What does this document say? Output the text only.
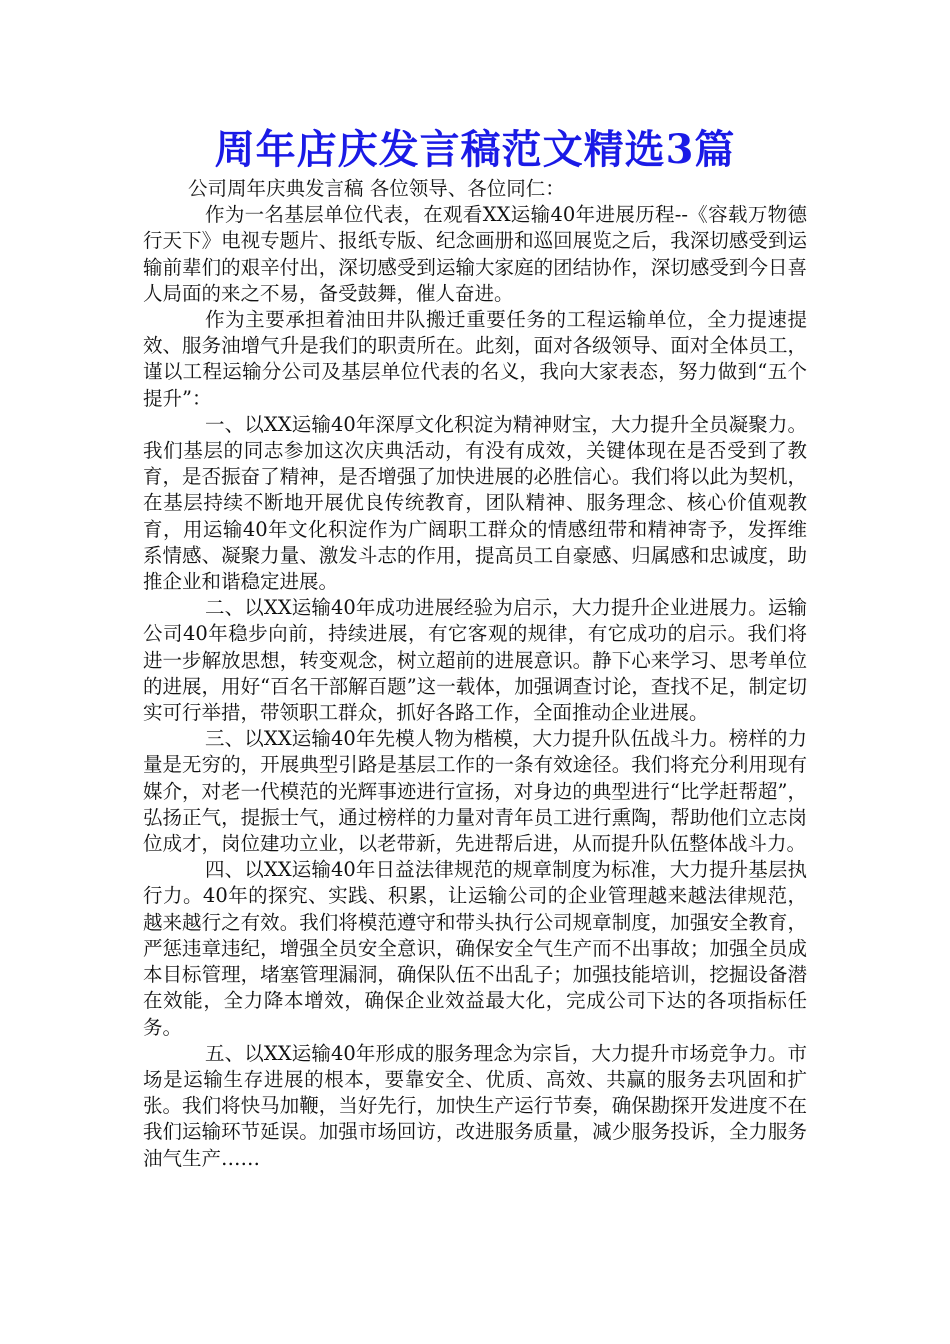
周年店庆发言稿范文精选3篇

公司周年庆典发言稿 各位领导、各位同仁：

作为一名基层单位代表，在观看XX运输40年进展历程--《容载万物德行天下》电视专题片、报纸专版、纪念画册和巡回展览之后，我深切感受到运输前辈们的艰辛付出，深切感受到运输大家庭的团结协作，深切感受到今日喜人局面的来之不易，备受鼓舞，催人奋进。

作为主要承担着油田井队搬迁重要任务的工程运输单位，全力提速提效、服务油增气升是我们的职责所在。此刻，面对各级领导、面对全体员工，谨以工程运输分公司及基层单位代表的名义，我向大家表态，努力做到“五个提升”：

一、以XX运输40年深厚文化积淀为精神财宝，大力提升全员凝聚力。我们基层的同志参加这次庆典活动，有没有成效，关键体现在是否受到了教育，是否振奋了精神，是否增强了加快进展的必胜信心。我们将以此为契机，在基层持续不断地开展优良传统教育，团队精神、服务理念、核心价值观教育，用运输40年文化积淀作为广阔职工群众的情感纽带和精神寄予，发挥维系情感、凝聚力量、激发斗志的作用，提高员工自豪感、归属感和忠诚度，助推企业和谐稳定进展。

二、以XX运输40年成功进展经验为启示，大力提升企业进展力。运输公司40年稳步向前，持续进展，有它客观的规律，有它成功的启示。我们将进一步解放思想，转变观念，树立超前的进展意识。静下心来学习、思考单位的进展，用好“百名干部解百题”这一载体，加强调查讨论，查找不足，制定切实可行举措，带领职工群众，抓好各路工作，全面推动企业进展。

三、以XX运输40年先模人物为楷模，大力提升队伍战斗力。榜样的力量是无穷的，开展典型引路是基层工作的一条有效途径。我们将充分利用现有媒介，对老一代模范的光辉事迹进行宣扬，对身边的典型进行“比学赶帮超”，弘扬正气，提振士气，通过榜样的力量对青年员工进行熏陶，帮助他们立志岗位成才，岗位建功立业，以老带新，先进帮后进，从而提升队伍整体战斗力。

四、以XX运输40年日益法律规范的规章制度为标准，大力提升基层执行力。40年的探究、实践、积累，让运输公司的企业管理越来越法律规范，越来越行之有效。我们将模范遵守和带头执行公司规章制度，加强安全教育，严惩违章违纪，增强全员安全意识，确保安全气生产而不出事故；加强全员成本目标管理，堵塞管理漏洞，确保队伍不出乱子；加强技能培训，挖掘设备潜在效能，全力降本增效，确保企业效益最大化，完成公司下达的各项指标任务。

五、以XX运输40年形成的服务理念为宗旨，大力提升市场竞争力。市场是运输生存进展的根本，要靠安全、优质、高效、共赢的服务去巩固和扩张。我们将快马加鞭，当好先行，加快生产运行节奏，确保勘探开发进度不在我们运输环节延误。加强市场回访，改进服务质量，减少服务投诉，全力服务油气生产……
